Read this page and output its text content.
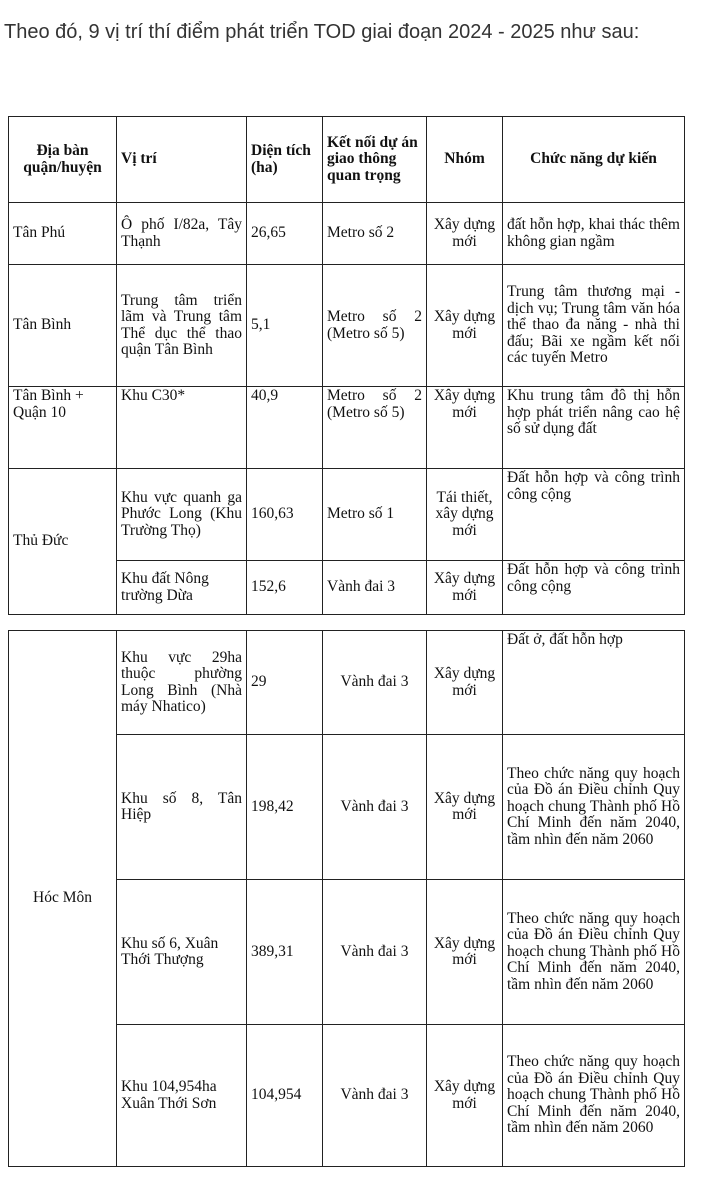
Theo đó, 9 vị trí thí điểm phát triển TOD giai đoạn 2024 - 2025 như sau:
Địa bàn quận/huyện	Vị trí	Diện tích (ha)	Kết nối dự án giao thông quan trọng	Nhóm	Chức năng dự kiến
Tân Phú	Ô phố I/82a, Tây Thạnh	26,65	Metro số 2	Xây dựng mới	đất hỗn hợp, khai thác thêm không gian ngầm
Tân Bình	Trung tâm triển lãm và Trung tâm Thể dục thể thao quận Tân Bình	5,1	Metro số 2 (Metro số 5)	Xây dựng mới	Trung tâm thương mại - dịch vụ; Trung tâm văn hóa thể thao đa năng - nhà thi đấu; Bãi xe ngầm kết nối các tuyến Metro
Tân Bình + Quận 10	Khu C30*	40,9	Metro số 2 (Metro số 5)	Xây dựng mới	Khu trung tâm đô thị hỗn hợp phát triển nâng cao hệ số sử dụng đất
Thủ Đức	Khu vực quanh ga Phước Long (Khu Trường Thọ)	160,63	Metro số 1	Tái thiết, xây dựng mới	Đất hỗn hợp và công trình công cộng
	Khu đất Nông trường Dừa	152,6	Vành đai 3	Xây dựng mới	Đất hỗn hợp và công trình công cộng
Hóc Môn	Khu vực 29ha thuộc phường Long Bình (Nhà máy Nhatico)	29	Vành đai 3	Xây dựng mới	Đất ở, đất hỗn hợp
	Khu số 8, Tân Hiệp	198,42	Vành đai 3	Xây dựng mới	Theo chức năng quy hoạch của Đồ án Điều chỉnh Quy hoạch chung Thành phố Hồ Chí Minh đến năm 2040, tầm nhìn đến năm 2060
	Khu số 6, Xuân Thới Thượng	389,31	Vành đai 3	Xây dựng mới	Theo chức năng quy hoạch của Đồ án Điều chỉnh Quy hoạch chung Thành phố Hồ Chí Minh đến năm 2040, tầm nhìn đến năm 2060
	Khu 104,954ha Xuân Thới Sơn	104,954	Vành đai 3	Xây dựng mới	Theo chức năng quy hoạch của Đồ án Điều chỉnh Quy hoạch chung Thành phố Hồ Chí Minh đến năm 2040, tầm nhìn đến năm 2060
